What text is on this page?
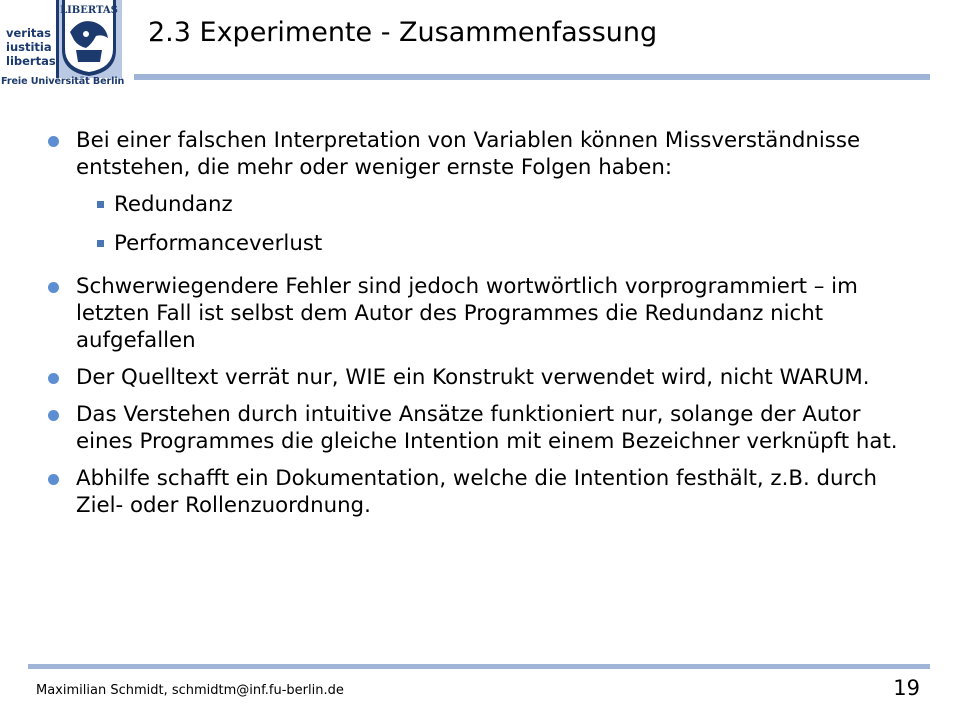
veritas
iustitia
libertas
LIBERTAS
Freie Universität Berlin
2.3 Experimente - Zusammenfassung
Bei einer falschen Interpretation von Variablen können Missverständnisse entstehen, die mehr oder weniger ernste Folgen haben:
Redundanz
Performanceverlust
Schwerwiegendere Fehler sind jedoch wortwörtlich vorprogrammiert – im letzten Fall ist selbst dem Autor des Programmes die Redundanz nicht aufgefallen
Der Quelltext verrät nur, WIE ein Konstrukt verwendet wird, nicht WARUM.
Das Verstehen durch intuitive Ansätze funktioniert nur, solange der Autor eines Programmes die gleiche Intention mit einem Bezeichner verknüpft hat.
Abhilfe schafft ein Dokumentation, welche die Intention festhält, z.B. durch Ziel- oder Rollenzuordnung.
Maximilian Schmidt, schmidtm@inf.fu-berlin.de	19
